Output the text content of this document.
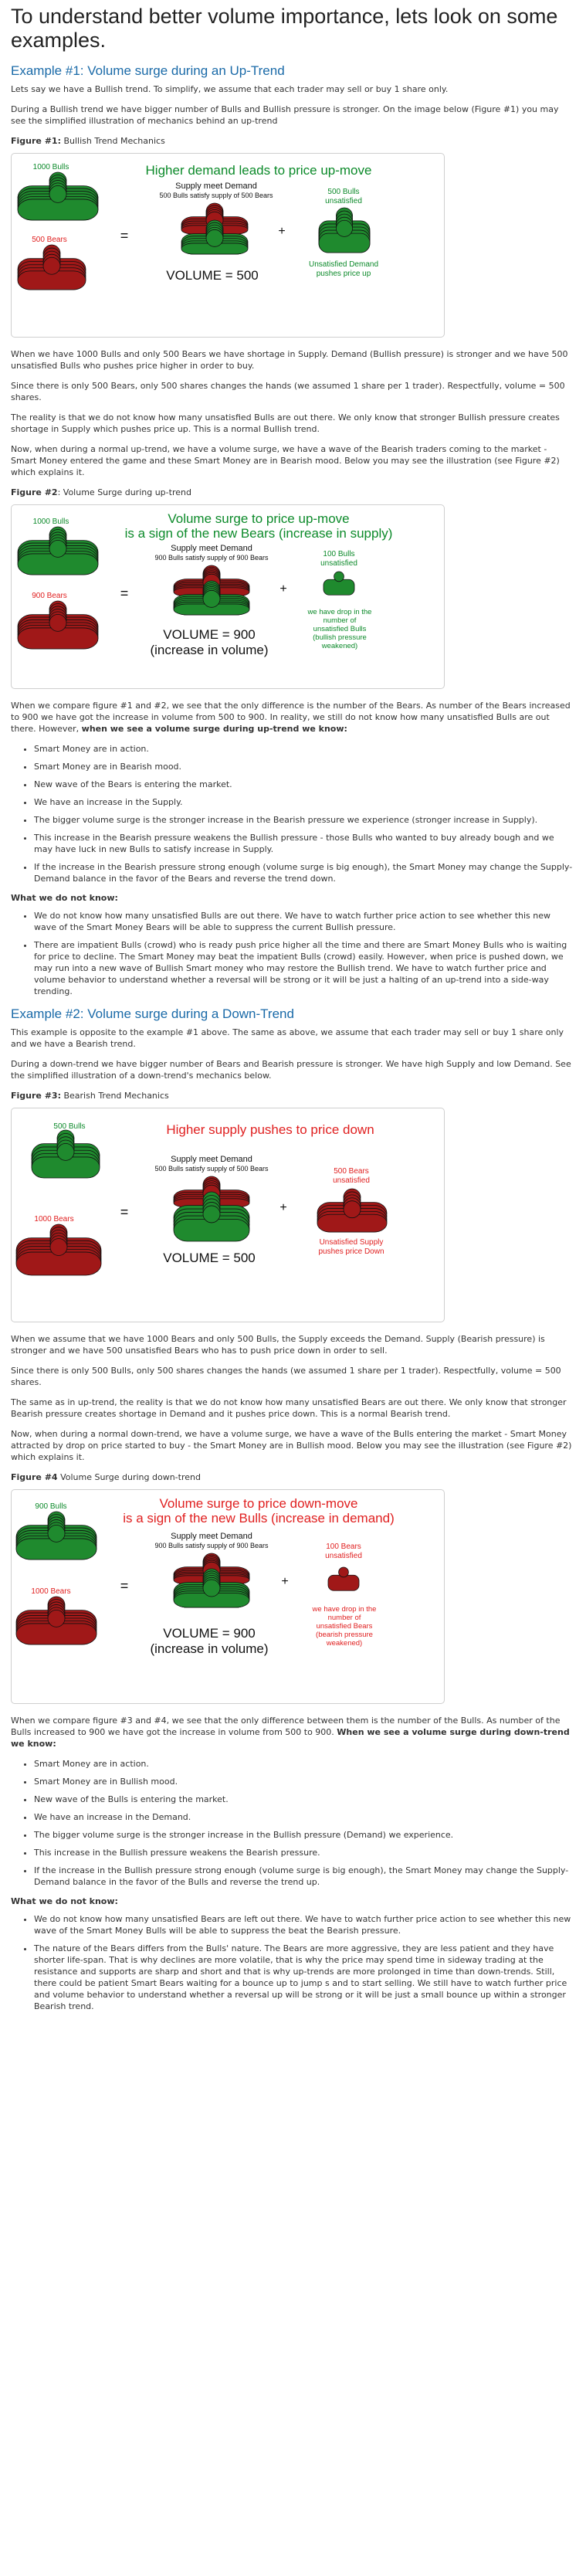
To understand better volume importance, lets look on some examples.
Example #1: Volume surge during an Up-Trend

Lets say we have a Bullish trend. To simplify, we assume that each trader may sell or buy 1 share only.

During a Bullish trend we have bigger number of Bulls and Bullish pressure is stronger. On the image below (Figure #1) you may see the simplified illustration of mechanics behind an up-trend

Figure #1: Bullish Trend Mechanics

1000 Bulls
500 Bears
Higher demand leads to price up-move
Supply meet Demand
500 Bulls satisfy supply of 500 Bears
=	+
500 Bulls
unsatisfied
Unsatisfied Demand
pushes price up
VOLUME = 500

When we have 1000 Bulls and only 500 Bears we have shortage in Supply. Demand (Bullish pressure) is stronger and we have 500 unsatisfied Bulls who pushes price higher in order to buy.

Since there is only 500 Bears, only 500 shares changes the hands (we assumed 1 share per 1 trader). Respectfully, volume = 500 shares.

The reality is that we do not know how many unsatisfied Bulls are out there. We only know that stronger Bullish pressure creates shortage in Supply which pushes price up. This is a normal Bullish trend.

Now, when during a normal up-trend, we have a volume surge, we have a wave of the Bearish traders coming to the market - Smart Money entered the game and these Smart Money are in Bearish mood. Below you may see the illustration (see Figure #2) which explains it.

Figure #2: Volume Surge during up-trend

1000 Bulls
900 Bears
Volume surge to price up-move
is a sign of the new Bears (increase in supply)
Supply meet Demand
900 Bulls satisfy supply of 900 Bears
=	+
100 Bulls
unsatisfied
we have drop in the
number of
unsatisfied Bulls
(bullish pressure
weakened)
VOLUME = 900
(increase in volume)

When we compare figure #1 and #2, we see that the only difference is the number of the Bears. As number of the Bears increased to 900 we have got the increase in volume from 500 to 900. In reality, we still do not know how many unsatisfied Bulls are out there. However, when we see a volume surge during up-trend we know:

• Smart Money are in action.
• Smart Money are in Bearish mood.
• New wave of the Bears is entering the market.
• We have an increase in the Supply.
• The bigger volume surge is the stronger increase in the Bearish pressure we experience (stronger increase in Supply).
• This increase in the Bearish pressure weakens the Bullish pressure - those Bulls who wanted to buy already bough and we may have luck in new Bulls to satisfy increase in Supply.
• If the increase in the Bearish pressure strong enough (volume surge is big enough), the Smart Money may change the Supply-Demand balance in the favor of the Bears and reverse the trend down.

What we do not know:

• We do not know how many unsatisfied Bulls are out there. We have to watch further price action to see whether this new wave of the Smart Money Bears will be able to suppress the current Bullish pressure.
• There are impatient Bulls (crowd) who is ready push price higher all the time and there are Smart Money Bulls who is waiting for price to decline. The Smart Money may beat the impatient Bulls (crowd) easily. However, when price is pushed down, we may run into a new wave of Bullish Smart money who may restore the Bullish trend. We have to watch further price and volume behavior to understand whether a reversal will be strong or it will be just a halting of an up-trend into a side-way trending.
Example #2: Volume surge during a Down-Trend

This example is opposite to the example #1 above. The same as above, we assume that each trader may sell or buy 1 share only and we have a Bearish trend.

During a down-trend we have bigger number of Bears and Bearish pressure is stronger. We have high Supply and low Demand. See the simplified illustration of a down-trend's mechanics below.

Figure #3: Bearish Trend Mechanics

500 Bulls
1000 Bears
Higher supply pushes to price down
Supply meet Demand
500 Bulls satisfy supply of 500 Bears
=	+
500 Bears
unsatisfied
Unsatisfied Supply
pushes price Down
VOLUME = 500

When we assume that we have 1000 Bears and only 500 Bulls, the Supply exceeds the Demand. Supply (Bearish pressure) is stronger and we have 500 unsatisfied Bears who has to push price down in order to sell.

Since there is only 500 Bulls, only 500 shares changes the hands (we assumed 1 share per 1 trader). Respectfully, volume = 500 shares.

The same as in up-trend, the reality is that we do not know how many unsatisfied Bears are out there. We only know that stronger Bearish pressure creates shortage in Demand and it pushes price down. This is a normal Bearish trend.

Now, when during a normal down-trend, we have a volume surge, we have a wave of the Bulls entering the market - Smart Money attracted by drop on price started to buy - the Smart Money are in Bullish mood. Below you may see the illustration (see Figure #2) which explains it.

Figure #4 Volume Surge during down-trend

900 Bulls
1000 Bears
Volume surge to price down-move
is a sign of the new Bulls (increase in demand)
Supply meet Demand
900 Bulls satisfy supply of 900 Bears
=	+
100 Bears
unsatisfied
we have drop in the
number of
unsatisfied Bears
(bearish pressure
weakened)
VOLUME = 900
(increase in volume)

When we compare figure #3 and #4, we see that the only difference between them is the number of the Bulls. As number of the Bulls increased to 900 we have got the increase in volume from 500 to 900. When we see a volume surge during down-trend we know:

• Smart Money are in action.
• Smart Money are in Bullish mood.
• New wave of the Bulls is entering the market.
• We have an increase in the Demand.
• The bigger volume surge is the stronger increase in the Bullish pressure (Demand) we experience.
• This increase in the Bullish pressure weakens the Bearish pressure.
• If the increase in the Bullish pressure strong enough (volume surge is big enough), the Smart Money may change the Supply-Demand balance in the favor of the Bulls and reverse the trend up.

What we do not know:

• We do not know how many unsatisfied Bears are left out there. We have to watch further price action to see whether this new wave of the Smart Money Bulls will be able to suppress the beat the Bearish pressure.
• The nature of the Bears differs from the Bulls' nature. The Bears are more aggressive, they are less patient and they have shorter life-span. That is why declines are more volatile, that is why the price may spend time in sideway trading at the resistance and supports are sharp and short and that is why up-trends are more prolonged in time than down-trends. Still, there could be patient Smart Bears waiting for a bounce up to jump s and to start selling. We still have to watch further price and volume behavior to understand whether a reversal up will be strong or it will be just a small bounce up within a stronger Bearish trend.
